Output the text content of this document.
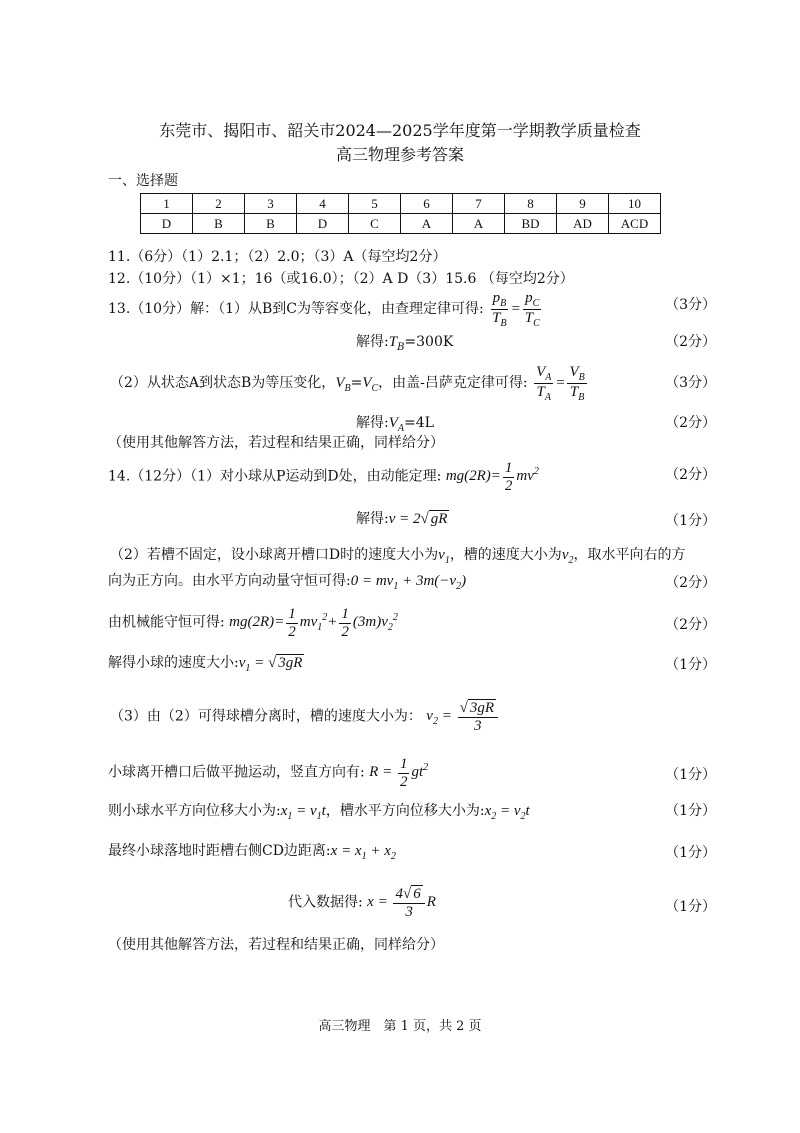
东莞市、揭阳市、韶关市2024—2025学年度第一学期教学质量检查
高三物理参考答案
一、选择题
1	2	3	4	5	6	7	8	9	10
D	B	B	D	C	A	A	BD	AD	ACD
11.（6分）（1）2.1；（2）2.0；（3）A（每空均2分）
12.（10分）（1）×1；16（或16.0）；（2）A D（3）15.6 （每空均2分）
13.（10分）解：（1）从B到C为等容变化，由查理定律可得: $\frac{p_B}{T_B} = \frac{p_C}{T_C}$	（3分）
解得$:T_B=300K$	（2分）
（2）从状态A到状态B为等压变化，$V_B=V_C$，由盖-吕萨克定律可得: $\frac{V_A}{T_A} = \frac{V_B}{T_B}$	（3分）
解得$:V_A=4L$	（2分）
（使用其他解答方法，若过程和结果正确，同样给分）
14.（12分）（1）对小球从P运动到D处，由动能定理: $mg(2R)= \frac{1}{2} mv^2$	（2分）
解得:v = 2√ gR	（1分）
（2）若槽不固定，设小球离开槽口D时的速度大小为$v_1$，槽的速度大小为$v_2$，取水平向右的方
向为正方向。由水平方向动量守恒可得:0 = $mv_1 + 3m(-v_2)$	（2分）
由机械能守恒可得: $mg(2R)= \frac{1}{2} mv_1^2+ \frac{1}{2} (3m)v_2^2$	（2分）
解得小球的速度大小$:v_1$ = √ 3gR	（1分）
（3）由（2）可得球槽分离时，槽的速度大小为： $v_2 = \frac{√ 3gR}{3}$
小球离开槽口后做平抛运动，竖直方向有: $R = \frac{1}{2} gt^2$	（1分）
则小球水平方向位移大小为$:x_1 = v_1t$，槽水平方向位移大小为$:x_2 = v_2t$	（1分）
最终小球落地时距槽右侧CD边距离:x = $x_1 + x_2$	（1分）
代入数据得: $x = \frac{4√ 6}{3}$ R	（1分）
（使用其他解答方法，若过程和结果正确，同样给分）
高三物理　第 1 页，共 2 页
